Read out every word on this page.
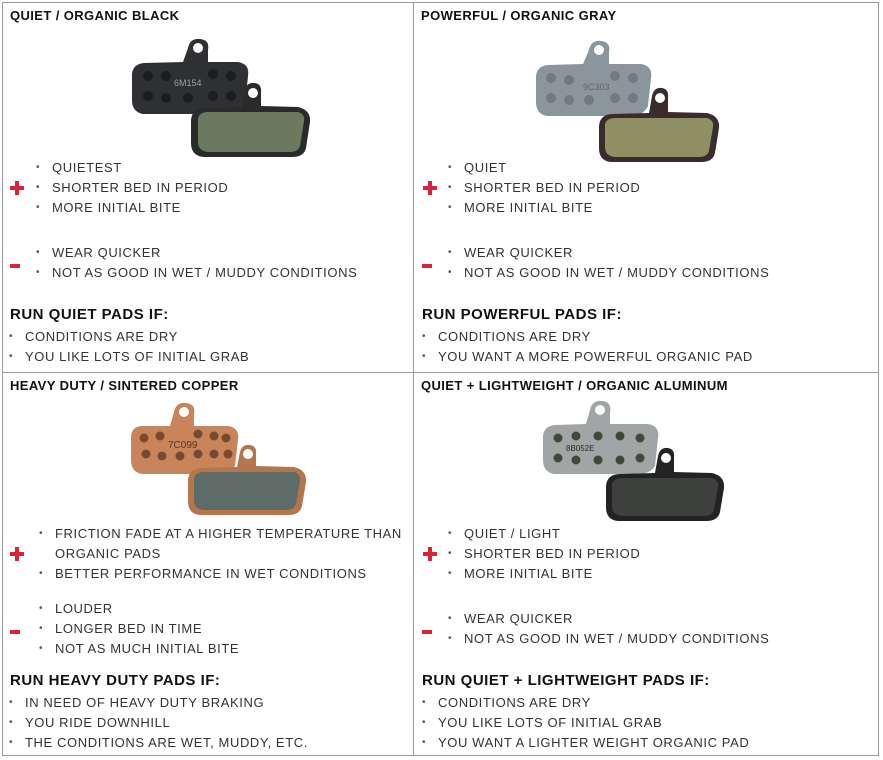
QUIET / ORGANIC BLACK
6M154
• QUIETEST
• SHORTER BED IN PERIOD
• MORE INITIAL BITE
• WEAR QUICKER
• NOT AS GOOD IN WET / MUDDY CONDITIONS
RUN QUIET PADS IF:
• CONDITIONS ARE DRY
• YOU LIKE LOTS OF INITIAL GRAB
POWERFUL / ORGANIC GRAY
9C303
• QUIET
• SHORTER BED IN PERIOD
• MORE INITIAL BITE
• WEAR QUICKER
• NOT AS GOOD IN WET / MUDDY CONDITIONS
RUN POWERFUL PADS IF:
• CONDITIONS ARE DRY
• YOU WANT A MORE POWERFUL ORGANIC PAD
HEAVY DUTY / SINTERED COPPER
7C099
• FRICTION FADE AT A HIGHER TEMPERATURE THAN
ORGANIC PADS
• BETTER PERFORMANCE IN WET CONDITIONS
• LOUDER
• LONGER BED IN TIME
• NOT AS MUCH INITIAL BITE
RUN HEAVY DUTY PADS IF:
• IN NEED OF HEAVY DUTY BRAKING
• YOU RIDE DOWNHILL
• THE CONDITIONS ARE WET, MUDDY, ETC.
QUIET + LIGHTWEIGHT / ORGANIC ALUMINUM
8B052E
• QUIET / LIGHT
• SHORTER BED IN PERIOD
• MORE INITIAL BITE
• WEAR QUICKER
• NOT AS GOOD IN WET / MUDDY CONDITIONS
RUN QUIET + LIGHTWEIGHT PADS IF:
• CONDITIONS ARE DRY
• YOU LIKE LOTS OF INITIAL GRAB
• YOU WANT A LIGHTER WEIGHT ORGANIC PAD
